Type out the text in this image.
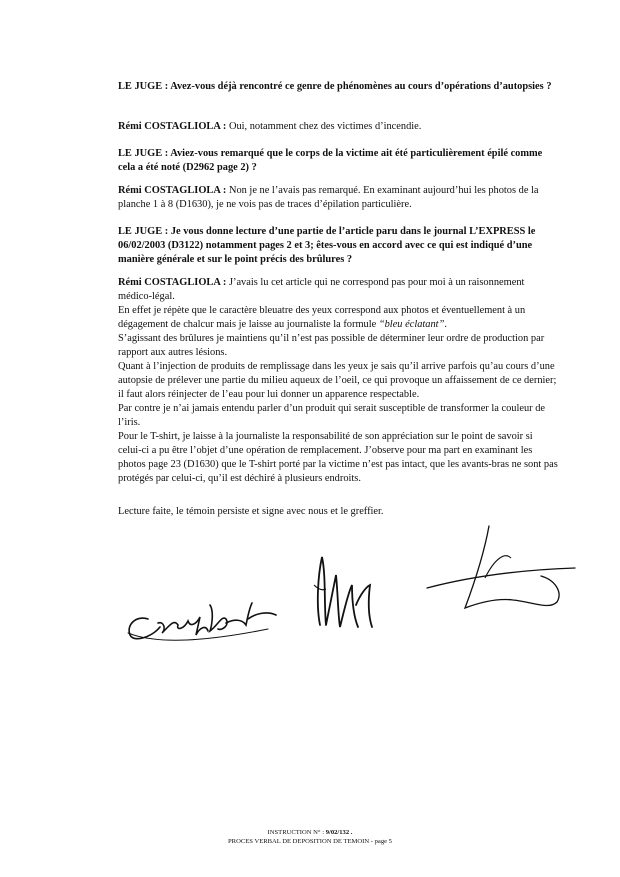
LE JUGE : Avez-vous déjà rencontré ce genre de phénomènes au cours d’opérations d’autopsies ?
Rémi COSTAGLIOLA : Oui, notamment chez des victimes d’incendie.
LE JUGE : Aviez-vous remarqué que le corps de la victime ait été particulièrement épilé comme cela a été noté (D2962 page 2) ?
Rémi COSTAGLIOLA : Non je ne l’avais pas remarqué. En examinant aujourd’hui les photos de la planche 1 à 8 (D1630), je ne vois pas de traces d’épilation particulière.
LE JUGE : Je vous donne lecture d’une partie de l’article paru dans le journal L’EXPRESS le 06/02/2003 (D3122) notamment pages 2 et 3; êtes-vous en accord avec ce qui est indiqué d’une manière générale et sur le point précis des brûlures ?

Rémi COSTAGLIOLA : J’avais lu cet article qui ne correspond pas pour moi à un raisonnement médico-légal.

En effet je répète que le caractère bleuatre des yeux correspond aux photos et éventuellement à un dégagement de chalcur mais je laisse au journaliste la formule “bleu éclatant”.

S’agissant des brûlures je maintiens qu’il n’est pas possible de déterminer leur ordre de production par rapport aux autres lésions.

Quant à l’injection de produits de remplissage dans les yeux je sais qu’il arrive parfois qu’au cours d’une autopsie de prélever une partie du milieu aqueux de l’oeil, ce qui provoque un affaissement de ce dernier; il faut alors réinjecter de l’eau pour lui donner un apparence respectable.

Par contre je n’ai jamais entendu parler d’un produit qui serait susceptible de transformer la couleur de l’iris.

Pour le T-shirt, je laisse à la journaliste la responsabilité de son appréciation sur le point de savoir si celui-ci a pu être l’objet d’une opération de remplacement. J’observe pour ma part en examinant les photos page 23 (D1630) que le T-shirt porté par la victime n’est pas intact, que les avants-bras ne sont pas protégés par celui-ci, qu’il est déchiré à plusieurs endroits.

Lecture faite, le témoin persiste et signe avec nous et le greffier.
INSTRUCTION N° : 9/02/132 .
PROCES VERBAL DE DEPOSITION DE TEMOIN - page 5
